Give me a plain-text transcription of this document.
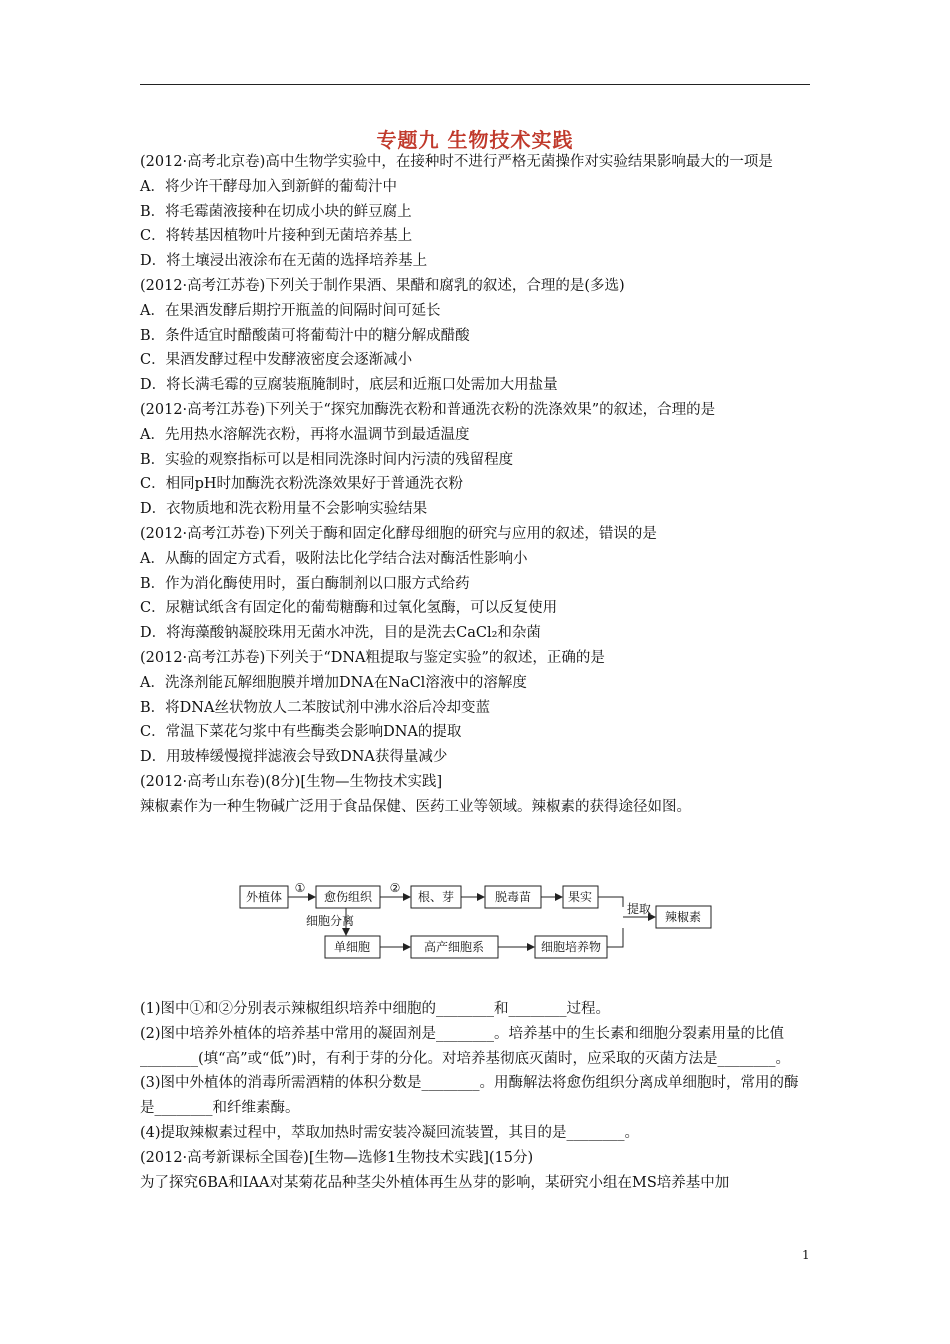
专题九 生物技术实践
(2012·高考北京卷)高中生物学实验中，在接种时不进行严格无菌操作对实验结果影响最大的一项是
A．将少许干酵母加入到新鲜的葡萄汁中
B．将毛霉菌液接种在切成小块的鲜豆腐上
C．将转基因植物叶片接种到无菌培养基上
D．将土壤浸出液涂布在无菌的选择培养基上
(2012·高考江苏卷)下列关于制作果酒、果醋和腐乳的叙述，合理的是(多选)
A．在果酒发酵后期拧开瓶盖的间隔时间可延长
B．条件适宜时醋酸菌可将葡萄汁中的糖分解成醋酸
C．果酒发酵过程中发酵液密度会逐渐减小
D．将长满毛霉的豆腐装瓶腌制时，底层和近瓶口处需加大用盐量
(2012·高考江苏卷)下列关于“探究加酶洗衣粉和普通洗衣粉的洗涤效果”的叙述，合理的是
A．先用热水溶解洗衣粉，再将水温调节到最适温度
B．实验的观察指标可以是相同洗涤时间内污渍的残留程度
C．相同pH时加酶洗衣粉洗涤效果好于普通洗衣粉
D．衣物质地和洗衣粉用量不会影响实验结果
(2012·高考江苏卷)下列关于酶和固定化酵母细胞的研究与应用的叙述，错误的是
A．从酶的固定方式看，吸附法比化学结合法对酶活性影响小
B．作为消化酶使用时，蛋白酶制剂以口服方式给药
C．尿糖试纸含有固定化的葡萄糖酶和过氧化氢酶，可以反复使用
D．将海藻酸钠凝胶珠用无菌水冲洗，目的是洗去CaCl₂和杂菌
(2012·高考江苏卷)下列关于“DNA粗提取与鉴定实验”的叙述，正确的是
A．洗涤剂能瓦解细胞膜并增加DNA在NaCl溶液中的溶解度
B．将DNA丝状物放人二苯胺试剂中沸水浴后冷却变蓝
C．常温下菜花匀浆中有些酶类会影响DNA的提取
D．用玻棒缓慢搅拌滤液会导致DNA获得量减少
(2012·高考山东卷)(8分)[生物—生物技术实践]
辣椒素作为一种生物碱广泛用于食品保健、医药工业等领域。辣椒素的获得途径如图。
外植体	愈伤组织	根、芽	脱毒苗	果实
辣椒素
单细胞	高产细胞系	细胞培养物
①	②
细胞分离
提取
(1)图中①和②分别表示辣椒组织培养中细胞的________和________过程。
(2)图中培养外植体的培养基中常用的凝固剂是________。培养基中的生长素和细胞分裂素用量的比值________(填“高”或“低”)时，有利于芽的分化。对培养基彻底灭菌时，应采取的灭菌方法是________。
(3)图中外植体的消毒所需酒精的体积分数是________。用酶解法将愈伤组织分离成单细胞时，常用的酶是________和纤维素酶。
(4)提取辣椒素过程中，萃取加热时需安装冷凝回流装置，其目的是________。
(2012·高考新课标全国卷)[生物—选修1生物技术实践](15分)
为了探究6BA和IAA对某菊花品种茎尖外植体再生丛芽的影响，某研究小组在MS培养基中加
1
